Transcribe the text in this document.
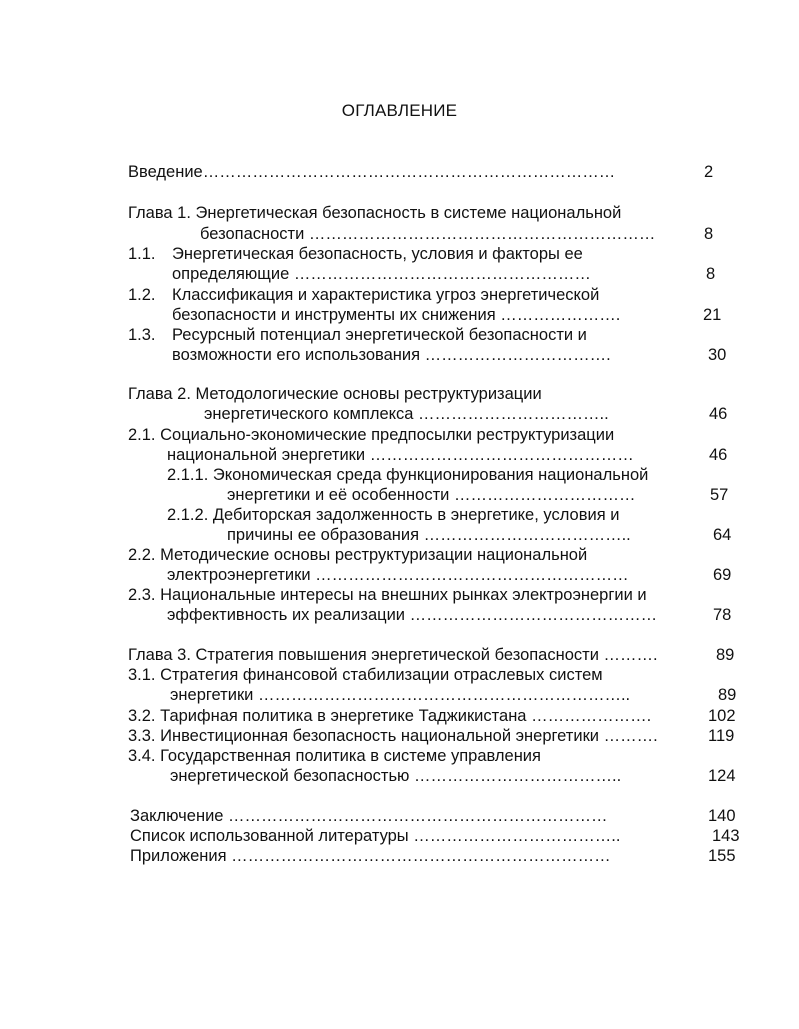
ОГЛАВЛЕНИЕ
Введение…………………………………………………………………	2
Глава 1. Энергетическая безопасность в системе национальной
безопасности ………………………………………………………	8
1.1. Энергетическая безопасность, условия и факторы ее
определяющие ………………………………………………	8
1.2. Классификация и характеристика угроз энергетической
безопасности и инструменты их снижения ………………….	21
1.3. Ресурсный потенциал энергетической безопасности и
возможности его использования …………………………….	30
Глава 2. Методологические основы реструктуризации
энергетического комплекса ……………………………..	46
2.1. Социально-экономические предпосылки реструктуризации
национальной энергетики …………………………………………	46
2.1.1. Экономическая среда функционирования национальной
энергетики и её особенности ……………………………	57
2.1.2. Дебиторская задолженность в энергетике, условия и
причины ее образования ………………………………..	64
2.2. Методические основы реструктуризации национальной
электроэнергетики …………………………………………………	69
2.3. Национальные интересы на внешних рынках электроэнергии и
эффективность их реализации ………………………………………	78
Глава 3. Стратегия повышения энергетической безопасности ……….	89
3.1. Стратегия финансовой стабилизации отраслевых систем
энергетики …………………………………………………………..	89
3.2. Тарифная политика в энергетике Таджикистана ………………….	102
3.3. Инвестиционная безопасность национальной энергетики ……….	119
3.4. Государственная политика в системе управления
энергетической безопасностью ………………………………..	124
Заключение ……………………………………………………………	140
Список использованной литературы ………………………………..	143
Приложения ……………………………………………………………	155
